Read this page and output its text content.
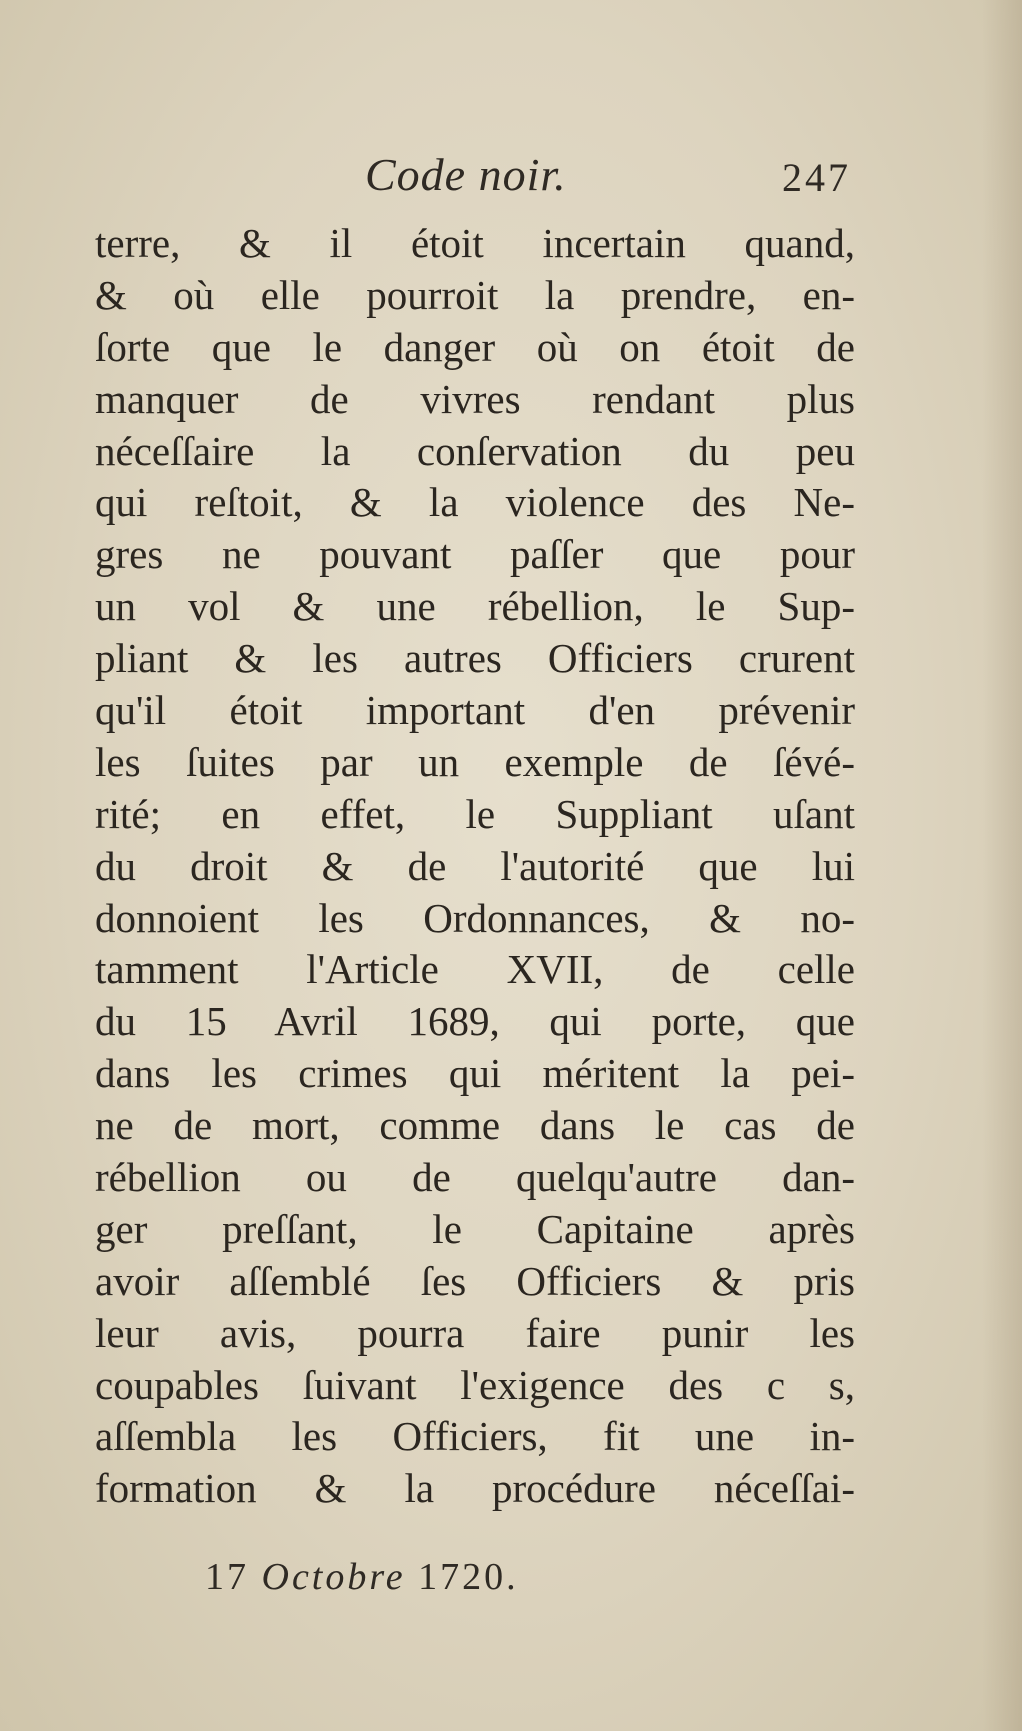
Code noir.	247
terre, & il étoit incertain quand,
& où elle pourroit la prendre, en-
ſorte que le danger où on étoit de
manquer de vivres rendant plus
néceſſaire la conſervation du peu
qui reſtoit, & la violence des Ne-
gres ne pouvant paſſer que pour
un vol & une rébellion, le Sup-
pliant & les autres Officiers crurent
qu'il étoit important d'en prévenir
les ſuites par un exemple de ſévé-
rité; en effet, le Suppliant uſant
du droit & de l'autorité que lui
donnoient les Ordonnances, & no-
tamment l'Article XVII, de celle
du 15 Avril 1689, qui porte, que
dans les crimes qui méritent la pei-
ne de mort, comme dans le cas de
rébellion ou de quelqu'autre dan-
ger preſſant, le Capitaine après
avoir aſſemblé ſes Officiers & pris
leur avis, pourra faire punir les
coupables ſuivant l'exigence des c s,
aſſembla les Officiers, fit une in-
formation & la procédure néceſſai-
17 Octobre 1720.
